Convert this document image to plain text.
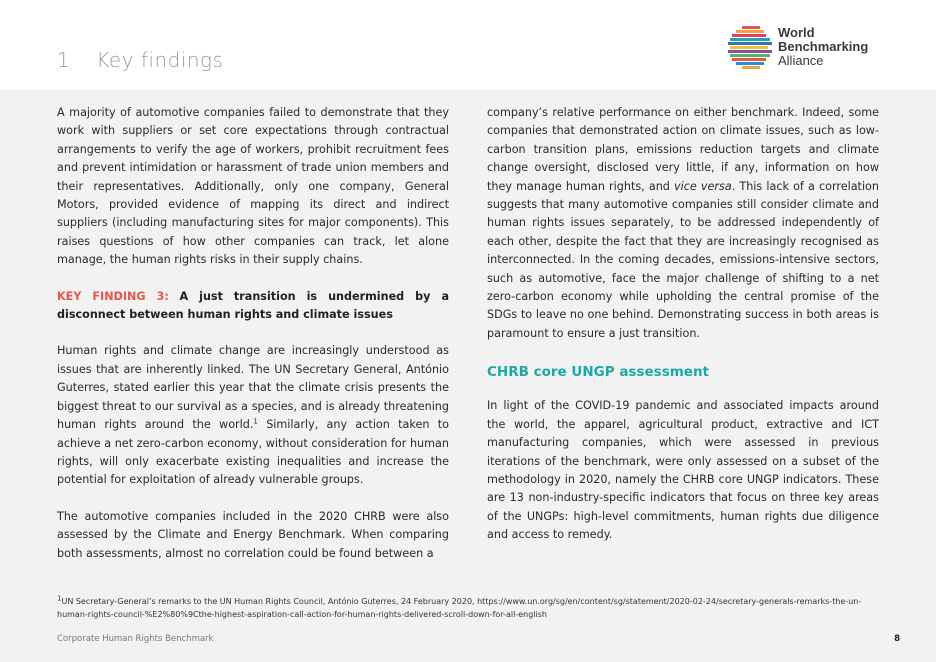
1 Key findings
World
Benchmarking
Alliance

A majority of automotive companies failed to demonstrate that they work with suppliers or set core expectations through contractual arrangements to verify the age of workers, prohibit recruitment fees and prevent intimidation or harassment of trade union members and their representatives. Additionally, only one company, General Motors, provided evidence of mapping its direct and indirect suppliers (including manufacturing sites for major components). This raises questions of how other companies can track, let alone manage, the human rights risks in their supply chains.

KEY FINDING 3: A just transition is undermined by a disconnect between human rights and climate issues

Human rights and climate change are increasingly understood as issues that are inherently linked. The UN Secretary General, António Guterres, stated earlier this year that the climate crisis presents the biggest threat to our survival as a species, and is already threatening human rights around the world.$^1$ Similarly, any action taken to achieve a net zero-carbon economy, without consideration for human rights, will only exacerbate existing inequalities and increase the potential for exploitation of already vulnerable groups.

The automotive companies included in the 2020 CHRB were also assessed by the Climate and Energy Benchmark. When comparing both assessments, almost no correlation could be found between a

company’s relative performance on either benchmark. Indeed, some companies that demonstrated action on climate issues, such as low-carbon transition plans, emissions reduction targets and climate change oversight, disclosed very little, if any, information on how they manage human rights, and vice versa. This lack of a correlation suggests that many automotive companies still consider climate and human rights issues separately, to be addressed independently of each other, despite the fact that they are increasingly recognised as interconnected. In the coming decades, emissions-intensive sectors, such as automotive, face the major challenge of shifting to a net zero-carbon economy while upholding the central promise of the SDGs to leave no one behind. Demonstrating success in both areas is paramount to ensure a just transition.

CHRB core UNGP assessment

In light of the COVID-19 pandemic and associated impacts around the world, the apparel, agricultural product, extractive and ICT manufacturing companies, which were assessed in previous iterations of the benchmark, were only assessed on a subset of the methodology in 2020, namely the CHRB core UNGP indicators. These are 13 non-industry-specific indicators that focus on three key areas of the UNGPs: high-level commitments, human rights due diligence and access to remedy.

$^1$UN Secretary-General’s remarks to the UN Human Rights Council, António Guterres, 24 February 2020, https://www.un.org/sg/en/content/sg/statement/2020-02-24/secretary-generals-remarks-the-un-human-rights-council-%E2%80%9Cthe-highest-aspiration-call-action-for-human-rights-delivered-scroll-down-for-all-english
Corporate Human Rights Benchmark	8
